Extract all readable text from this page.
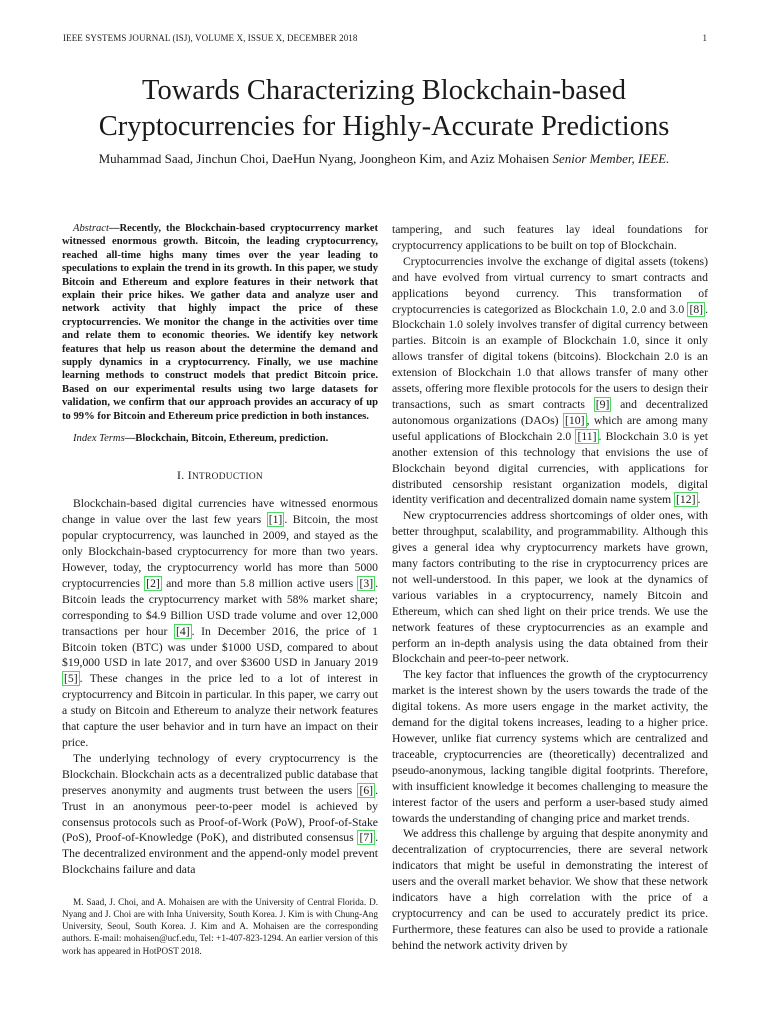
IEEE SYSTEMS JOURNAL (ISJ), VOLUME X, ISSUE X, DECEMBER 2018	1
Towards Characterizing Blockchain-based
Cryptocurrencies for Highly-Accurate Predictions
Muhammad Saad, Jinchun Choi, DaeHun Nyang, Joongheon Kim, and Aziz Mohaisen Senior Member, IEEE.

Abstract—Recently, the Blockchain-based cryptocurrency market witnessed enormous growth. Bitcoin, the leading cryptocurrency, reached all-time highs many times over the year leading to speculations to explain the trend in its growth. In this paper, we study Bitcoin and Ethereum and explore features in their network that explain their price hikes. We gather data and analyze user and network activity that highly impact the price of these cryptocurrencies. We monitor the change in the activities over time and relate them to economic theories. We identify key network features that help us reason about the determine the demand and supply dynamics in a cryptocurrency. Finally, we use machine learning methods to construct models that predict Bitcoin price. Based on our experimental results using two large datasets for validation, we confirm that our approach provides an accuracy of up to 99% for Bitcoin and Ethereum price prediction in both instances.

Index Terms—Blockchain, Bitcoin, Ethereum, prediction.

I. INTRODUCTION

Blockchain-based digital currencies have witnessed enormous change in value over the last few years [1] . Bitcoin, the most popular cryptocurrency, was launched in 2009, and stayed as the only Blockchain-based cryptocurrency for more than two years. However, today, the cryptocurrency world has more than 5000 cryptocurrencies [2] and more than 5.8 million active users [3] . Bitcoin leads the cryptocurrency market with 58% market share; corresponding to $4.9 Billion USD trade volume and over 12,000 transactions per hour [4] . In December 2016, the price of 1 Bitcoin token (BTC) was under $1000 USD, compared to about $19,000 USD in late 2017, and over $3600 USD in January 2019 [5] . These changes in the price led to a lot of interest in cryptocurrency and Bitcoin in particular. In this paper, we carry out a study on Bitcoin and Ethereum to analyze their network features that capture the user behavior and in turn have an impact on their price.

The underlying technology of every cryptocurrency is the Blockchain. Blockchain acts as a decentralized public database that preserves anonymity and augments trust between the users [6] . Trust in an anonymous peer-to-peer model is achieved by consensus protocols such as Proof-of-Work (PoW), Proof-of-Stake (PoS), Proof-of-Knowledge (PoK), and distributed consensus [7] . The decentralized environment and the append-only model prevent Blockchains failure and data

M. Saad, J. Choi, and A. Mohaisen are with the University of Central Florida. D. Nyang and J. Choi are with Inha University, South Korea. J. Kim is with Chung-Ang University, Seoul, South Korea. J. Kim and A. Mohaisen are the corresponding authors. E-mail: mohaisen@ucf.edu, Tel: +1-407-823-1294. An earlier version of this work has appeared in HotPOST 2018.

tampering, and such features lay ideal foundations for cryptocurrency applications to be built on top of Blockchain.

Cryptocurrencies involve the exchange of digital assets (tokens) and have evolved from virtual currency to smart contracts and applications beyond currency. This transformation of cryptocurrencies is categorized as Blockchain 1.0, 2.0 and 3.0 [8] . Blockchain 1.0 solely involves transfer of digital currency between parties. Bitcoin is an example of Blockchain 1.0, since it only allows transfer of digital tokens (bitcoins). Blockchain 2.0 is an extension of Blockchain 1.0 that allows transfer of many other assets, offering more flexible protocols for the users to design their transactions, such as smart contracts [9] and decentralized autonomous organizations (DAOs) [10] , which are among many useful applications of Blockchain 2.0 [11] . Blockchain 3.0 is yet another extension of this technology that envisions the use of Blockchain beyond digital currencies, with applications for distributed censorship resistant organization models, digital identity verification and decentralized domain name system [12] .

New cryptocurrencies address shortcomings of older ones, with better throughput, scalability, and programmability. Although this gives a general idea why cryptocurrency markets have grown, many factors contributing to the rise in cryptocurrency prices are not well-understood. In this paper, we look at the dynamics of various variables in a cryptocurrency, namely Bitcoin and Ethereum, which can shed light on their price trends. We use the network features of these cryptocurrencies as an example and perform an in-depth analysis using the data obtained from their Blockchain and peer-to-peer network.

The key factor that influences the growth of the cryptocurrency market is the interest shown by the users towards the trade of the digital tokens. As more users engage in the market activity, the demand for the digital tokens increases, leading to a higher price. However, unlike fiat currency systems which are centralized and traceable, cryptocurrencies are (theoretically) decentralized and pseudo-anonymous, lacking tangible digital footprints. Therefore, with insufficient knowledge it becomes challenging to measure the interest factor of the users and perform a user-based study aimed towards the understanding of changing price and market trends.

We address this challenge by arguing that despite anonymity and decentralization of cryptocurrencies, there are several network indicators that might be useful in demonstrating the interest of users and the overall market behavior. We show that these network indicators have a high correlation with the price of a cryptocurrency and can be used to accurately predict its price. Furthermore, these features can also be used to provide a rationale behind the network activity driven by
